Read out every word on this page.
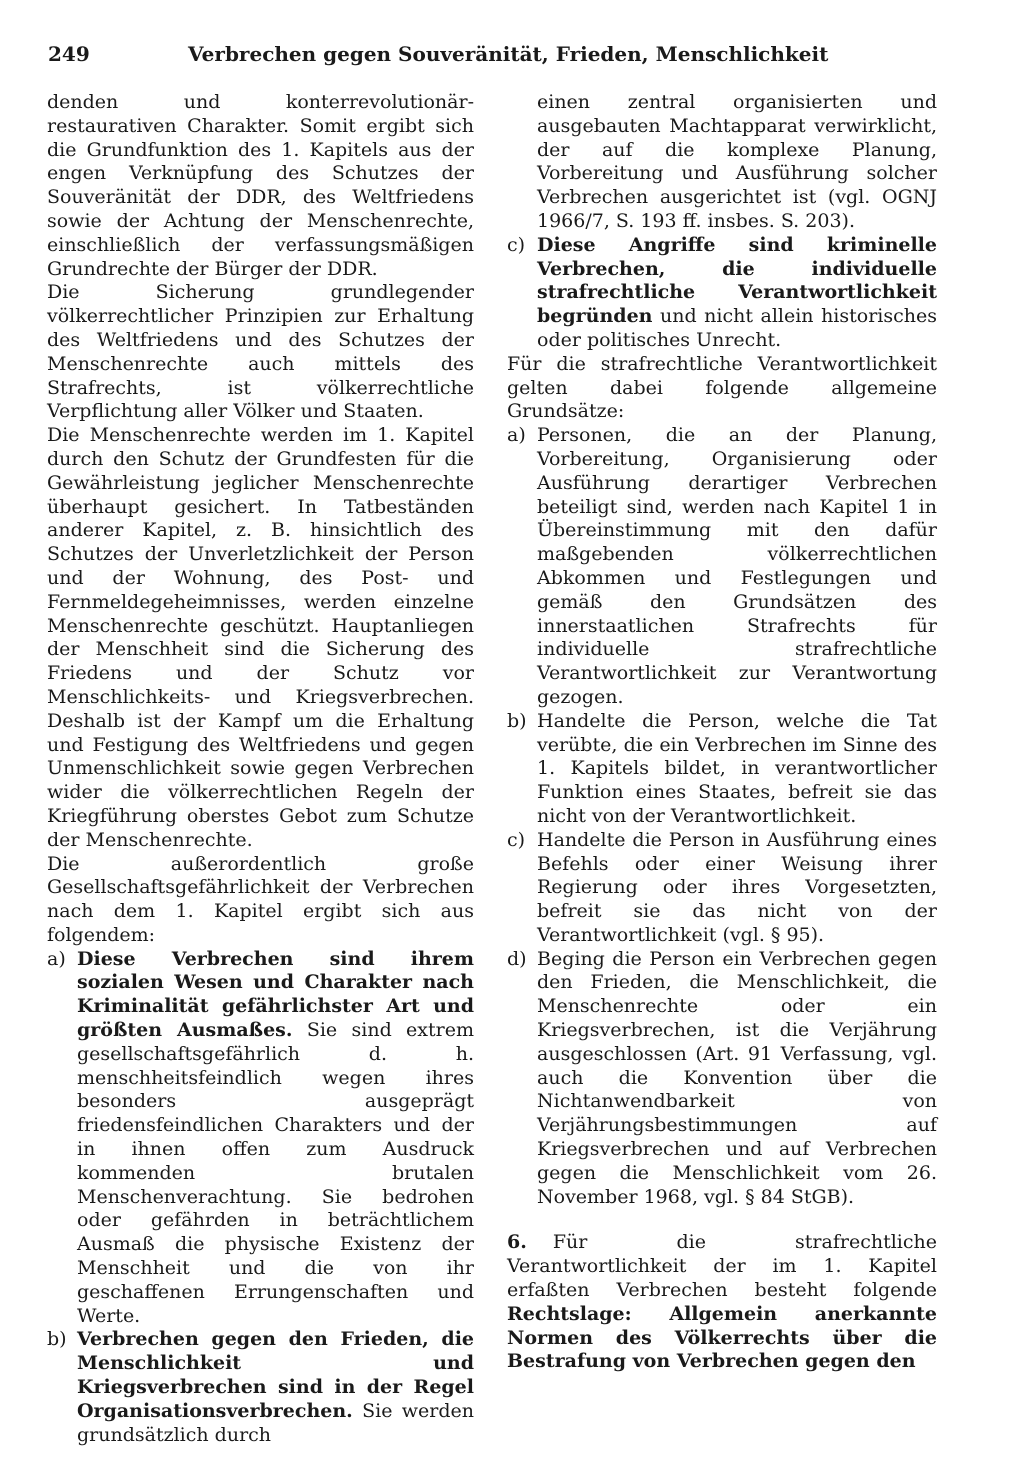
249	Verbrechen gegen Souveränität, Frieden, Menschlichkeit

denden und konterrevolutionär-restaurativen Charakter. Somit ergibt sich die Grundfunktion des 1. Kapitels aus der engen Verknüpfung des Schutzes der Souveränität der DDR, des Weltfriedens sowie der Achtung der Menschenrechte, einschließlich der verfassungsmäßigen Grundrechte der Bürger der DDR.

Die Sicherung grundlegender völkerrechtlicher Prinzipien zur Erhaltung des Weltfriedens und des Schutzes der Menschenrechte auch mittels des Strafrechts, ist völkerrechtliche Verpflichtung aller Völker und Staaten.

Die Menschenrechte werden im 1. Kapitel durch den Schutz der Grundfesten für die Gewährleistung jeglicher Menschenrechte überhaupt gesichert. In Tatbeständen anderer Kapitel, z. B. hinsichtlich des Schutzes der Unverletzlichkeit der Person und der Wohnung, des Post- und Fernmeldegeheimnisses, werden einzelne Menschenrechte geschützt. Hauptanliegen der Menschheit sind die Sicherung des Friedens und der Schutz vor Menschlichkeits- und Kriegsverbrechen. Deshalb ist der Kampf um die Erhaltung und Festigung des Weltfriedens und gegen Unmenschlichkeit sowie gegen Verbrechen wider die völkerrechtlichen Regeln der Kriegführung oberstes Gebot zum Schutze der Menschenrechte.

Die außerordentlich große Gesellschaftsgefährlichkeit der Verbrechen nach dem 1. Kapitel ergibt sich aus folgendem:

a) Diese Verbrechen sind ihrem sozialen Wesen und Charakter nach Kriminalität gefährlichster Art und größten Ausmaßes. Sie sind extrem gesellschaftsgefährlich d. h. menschheitsfeindlich wegen ihres besonders ausgeprägt friedensfeindlichen Charakters und der in ihnen offen zum Ausdruck kommenden brutalen Menschenverachtung. Sie bedrohen oder gefährden in beträchtlichem Ausmaß die physische Existenz der Menschheit und die von ihr geschaffenen Errungenschaften und Werte.
b) Verbrechen gegen den Frieden, die Menschlichkeit und Kriegsverbrechen sind in der Regel Organisationsverbrechen. Sie werden grundsätzlich durch

einen zentral organisierten und ausgebauten Machtapparat verwirklicht, der auf die komplexe Planung, Vorbereitung und Ausführung solcher Verbrechen ausgerichtet ist (vgl. OGNJ 1966/7, S. 193 ff. insbes. S. 203).

c) Diese Angriffe sind kriminelle Verbrechen, die individuelle strafrechtliche Verantwortlichkeit begründen und nicht allein historisches oder politisches Unrecht.

Für die strafrechtliche Verantwortlichkeit gelten dabei folgende allgemeine Grundsätze:

a) Personen, die an der Planung, Vorbereitung, Organisierung oder Ausführung derartiger Verbrechen beteiligt sind, werden nach Kapitel 1 in Übereinstimmung mit den dafür maßgebenden völkerrechtlichen Abkommen und Festlegungen und gemäß den Grundsätzen des innerstaatlichen Strafrechts für individuelle strafrechtliche Verantwortlichkeit zur Verantwortung gezogen.
b) Handelte die Person, welche die Tat verübte, die ein Verbrechen im Sinne des 1. Kapitels bildet, in verantwortlicher Funktion eines Staates, befreit sie das nicht von der Verantwortlichkeit.
c) Handelte die Person in Ausführung eines Befehls oder einer Weisung ihrer Regierung oder ihres Vorgesetzten, befreit sie das nicht von der Verantwortlichkeit (vgl. § 95).
d) Beging die Person ein Verbrechen gegen den Frieden, die Menschlichkeit, die Menschenrechte oder ein Kriegsverbrechen, ist die Verjährung ausgeschlossen (Art. 91 Verfassung, vgl. auch die Konvention über die Nichtanwendbarkeit von Verjährungsbestimmungen auf Kriegsverbrechen und auf Verbrechen gegen die Menschlichkeit vom 26. November 1968, vgl. § 84 StGB).

6. Für die strafrechtliche Verantwortlichkeit der im 1. Kapitel erfaßten Verbrechen besteht folgende Rechtslage: Allgemein anerkannte Normen des Völkerrechts über die Bestrafung von Verbrechen gegen den
